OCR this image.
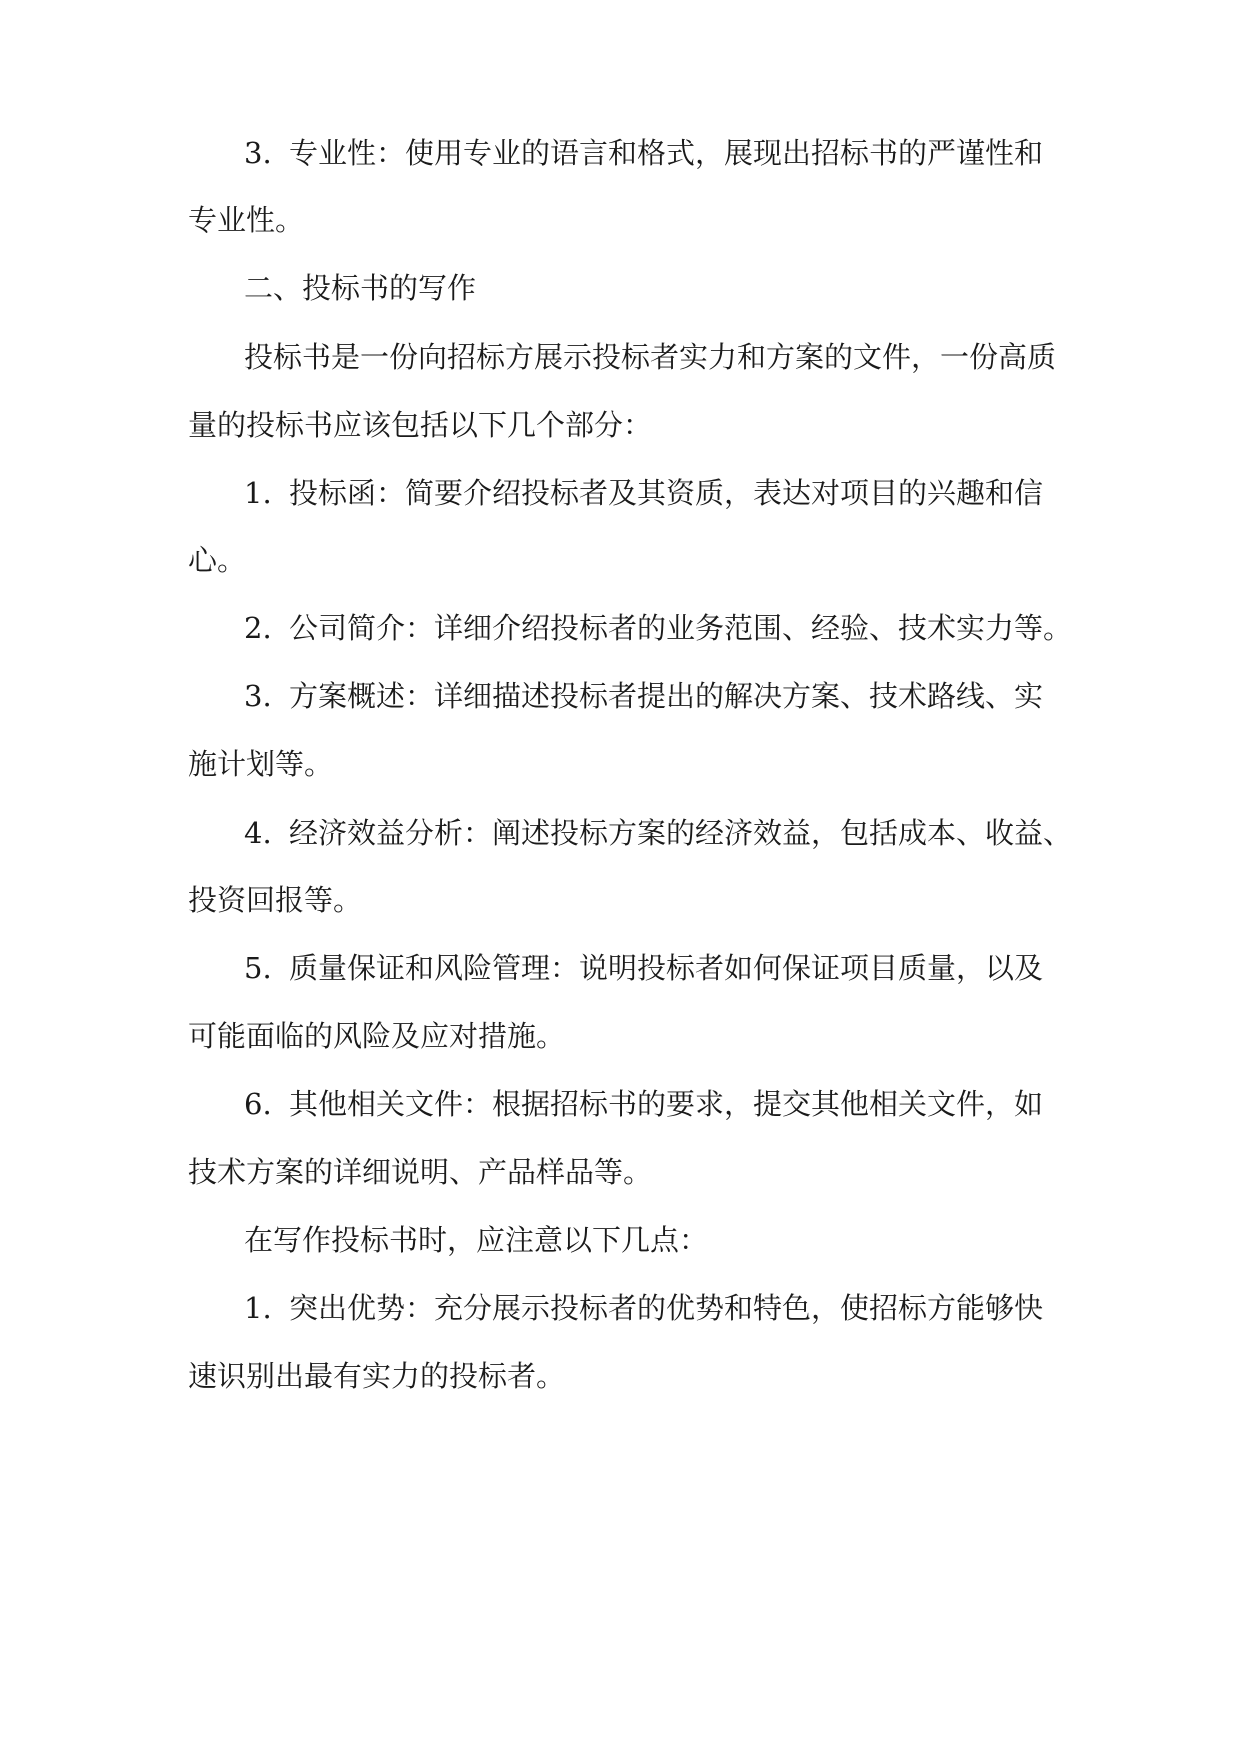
3. 专业性：使用专业的语言和格式，展现出招标书的严谨性和

专业性。

二、投标书的写作

投标书是一份向招标方展示投标者实力和方案的文件，一份高质

量的投标书应该包括以下几个部分：

1. 投标函：简要介绍投标者及其资质，表达对项目的兴趣和信

心。

2. 公司简介：详细介绍投标者的业务范围、经验、技术实力等。

3. 方案概述：详细描述投标者提出的解决方案、技术路线、实

施计划等。

4. 经济效益分析：阐述投标方案的经济效益，包括成本、收益、

投资回报等。

5. 质量保证和风险管理：说明投标者如何保证项目质量，以及

可能面临的风险及应对措施。

6. 其他相关文件：根据招标书的要求，提交其他相关文件，如

技术方案的详细说明、产品样品等。

在写作投标书时，应注意以下几点：

1. 突出优势：充分展示投标者的优势和特色，使招标方能够快

速识别出最有实力的投标者。
